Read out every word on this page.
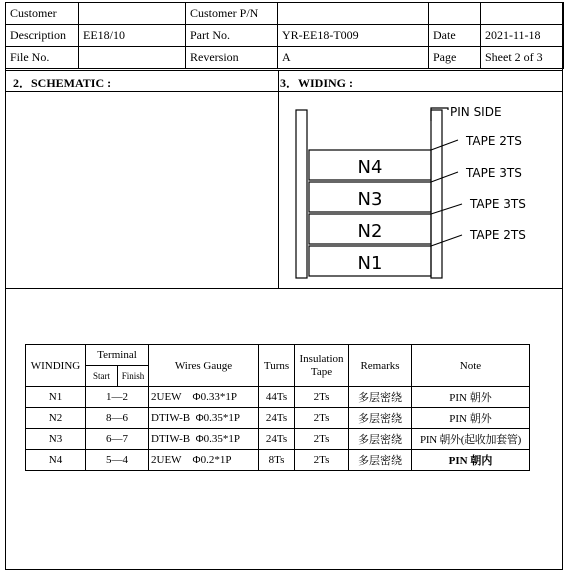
Customer		Customer P/N			
Description	EE18/10	Part No.	YR-EE18-T009	Date	2021-11-18
File No.		Reversion	A	Page	Sheet 2 of 3
2．SCHEMATIC :	3．WIDING :
PIN SIDE
N4
N3
N2
N1
TAPE 2TS
TAPE 3TS
TAPE 3TS
TAPE 2TS
WINDING	Terminal		Wires Gauge	Turns	Insulation Tape	Remarks	Note
	Start	Finish					
N1	1—2		2UEW Φ0.33*1P	44Ts	2Ts	多层密绕	PIN 朝外
N2	8—6		DTIW-B Φ0.35*1P	24Ts	2Ts	多层密绕	PIN 朝外
N3	6—7		DTIW-B Φ0.35*1P	24Ts	2Ts	多层密绕	PIN 朝外(起收加套管)
N4	5—4		2UEW Φ0.2*1P	8Ts	2Ts	多层密绕	PIN 朝内
